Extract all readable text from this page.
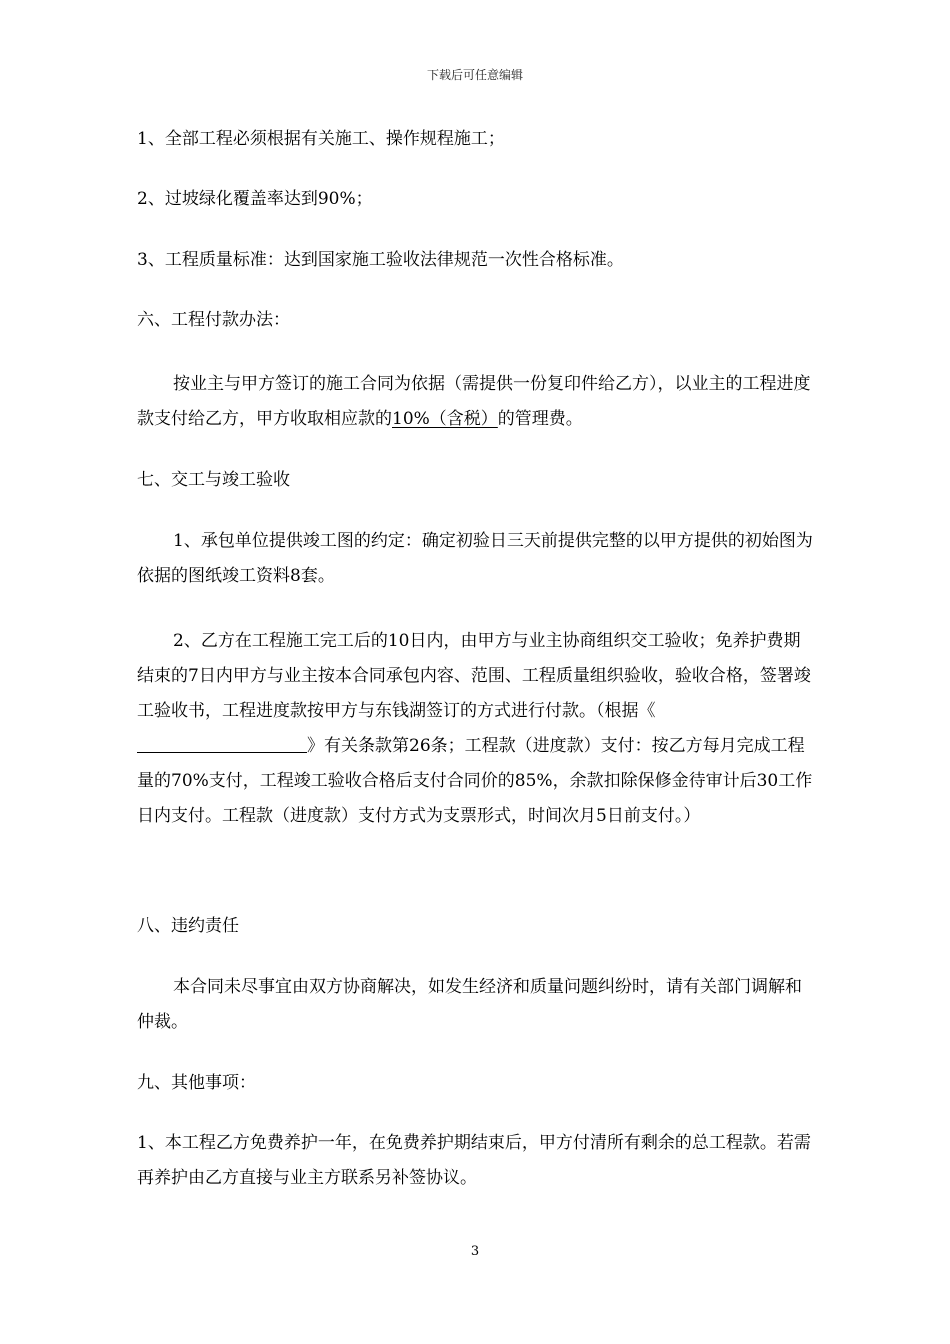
下载后可任意编辑

1、全部工程必须根据有关施工、操作规程施工；

2、过坡绿化覆盖率达到90%；

3、工程质量标准：达到国家施工验收法律规范一次性合格标准。

六、工程付款办法：

按业主与甲方签订的施工合同为依据（需提供一份复印件给乙方），以业主的工程进度款支付给乙方，甲方收取相应款的10%（含税）的管理费。

七、交工与竣工验收

1、承包单位提供竣工图的约定：确定初验日三天前提供完整的以甲方提供的初始图为依据的图纸竣工资料8套。

2、乙方在工程施工完工后的10日内，由甲方与业主协商组织交工验收；免养护费期结束的7日内甲方与业主按本合同承包内容、范围、工程质量组织验收，验收合格，签署竣工验收书，工程进度款按甲方与东钱湖签订的方式进行付款。（根据《》有关条款第26条；工程款（进度款）支付：按乙方每月完成工程量的70%支付，工程竣工验收合格后支付合同价的85%，余款扣除保修金待审计后30工作日内支付。工程款（进度款）支付方式为支票形式，时间次月5日前支付。）

八、违约责任

本合同未尽事宜由双方协商解决，如发生经济和质量问题纠纷时，请有关部门调解和仲裁。

九、其他事项：

1、本工程乙方免费养护一年，在免费养护期结束后，甲方付清所有剩余的总工程款。若需再养护由乙方直接与业主方联系另补签协议。

3
